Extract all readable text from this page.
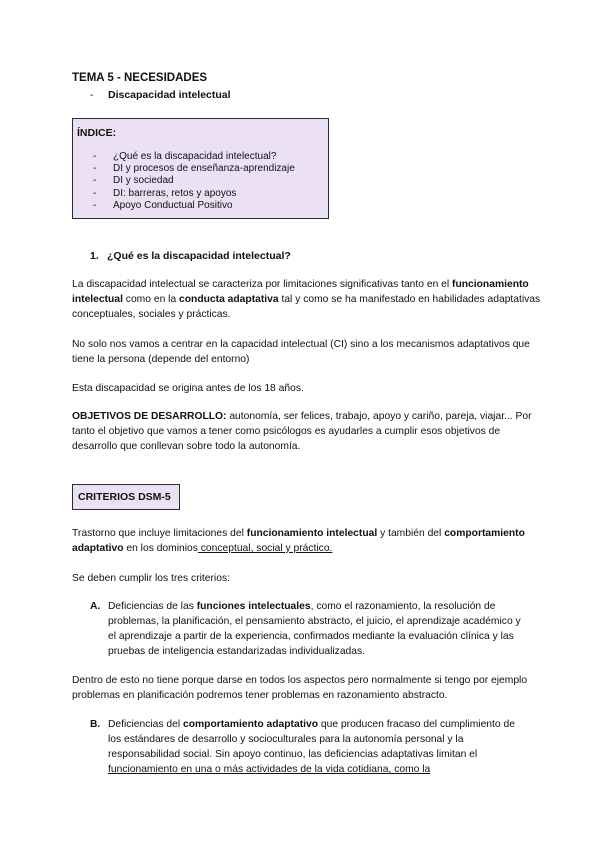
TEMA 5 - NECESIDADES
- Discapacidad intelectual
ÍNDICE:
- ¿Qué es la discapacidad intelectual?
- DI y procesos de enseñanza-aprendizaje
- DI y sociedad
- DI: barreras, retos y apoyos
- Apoyo Conductual Positivo
1. ¿Qué es la discapacidad intelectual?

La discapacidad intelectual se caracteriza por limitaciones significativas tanto en el funcionamiento intelectual como en la conducta adaptativa tal y como se ha manifestado en habilidades adaptativas conceptuales, sociales y prácticas.

No solo nos vamos a centrar en la capacidad intelectual (CI) sino a los mecanismos adaptativos que tiene la persona (depende del entorno)

Esta discapacidad se origina antes de los 18 años.

OBJETIVOS DE DESARROLLO: autonomía, ser felices, trabajo, apoyo y cariño, pareja, viajar... Por tanto el objetivo que vamos a tener como psicólogos es ayudarles a cumplir esos objetivos de desarrollo que conllevan sobre todo la autonomía.

CRITERIOS DSM-5

Trastorno que incluye limitaciones del funcionamiento intelectual y también del comportamiento adaptativo en los dominios conceptual, social y práctico.

Se deben cumplir los tres criterios:

A. Deficiencias de las funciones intelectuales, como el razonamiento, la resolución de problemas, la planificación, el pensamiento abstracto, el juicio, el aprendizaje académico y el aprendizaje a partir de la experiencia, confirmados mediante la evaluación clínica y las pruebas de inteligencia estandarizadas individualizadas.

Dentro de esto no tiene porque darse en todos los aspectos pero normalmente si tengo por ejemplo problemas en planificación podremos tener problemas en razonamiento abstracto.

B. Deficiencias del comportamiento adaptativo que producen fracaso del cumplimiento de los estándares de desarrollo y socioculturales para la autonomía personal y la responsabilidad social. Sin apoyo continuo, las deficiencias adaptativas limitan el funcionamiento en una o más actividades de la vida cotidiana, como la
